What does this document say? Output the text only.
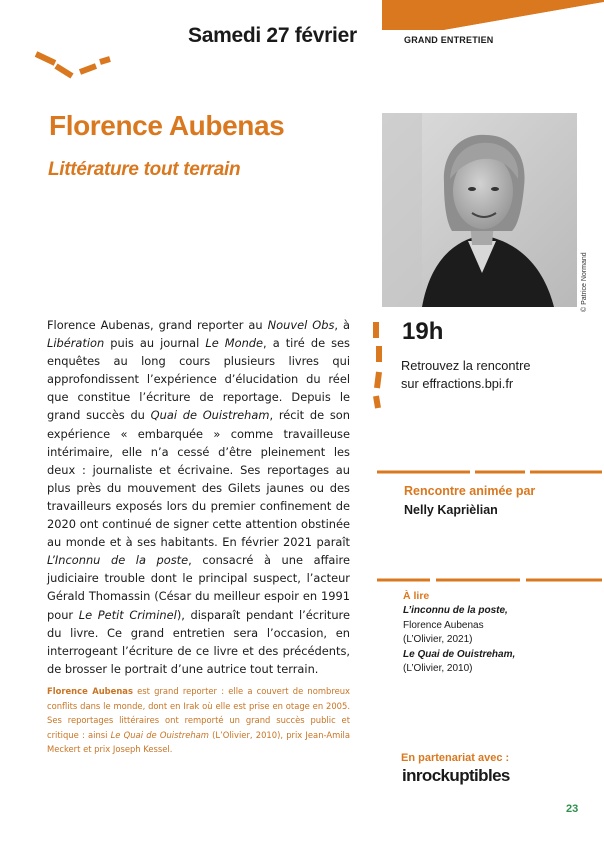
Samedi 27 février	GRAND ENTRETIEN
Florence Aubenas
Littérature tout terrain
© Patrice Normand
Florence Aubenas, grand reporter au Nouvel Obs, à Libération puis au journal Le Monde, a tiré de ses enquêtes au long cours plusieurs livres qui approfondissent l’expérience d’élucidation du réel que constitue l’écriture de reportage. Depuis le grand succès du Quai de Ouistreham, récit de son expérience « embarquée » comme travailleuse intérimaire, elle n’a cessé d’être pleinement les deux : journaliste et écrivaine. Ses reportages au plus près du mouvement des Gilets jaunes ou des travailleurs exposés lors du premier confinement de 2020 ont continué de signer cette attention obstinée au monde et à ses habitants. En février 2021 paraît L’Inconnu de la poste, consacré à une affaire judiciaire trouble dont le principal suspect, l’acteur Gérald Thomassin (César du meilleur espoir en 1991 pour Le Petit Criminel), disparaît pendant l’écriture du livre. Ce grand entretien sera l’occasion, en interrogeant l’écriture de ce livre et des précédents, de brosser le portrait d’une autrice tout terrain.
Florence Aubenas est grand reporter : elle a couvert de nombreux conflits dans le monde, dont en Irak où elle est prise en otage en 2005. Ses reportages littéraires ont remporté un grand succès public et critique : ainsi Le Quai de Ouistreham (L’Olivier, 2010), prix Jean-Amila Meckert et prix Joseph Kessel.
19h
Retrouvez la rencontre
sur effractions.bpi.fr
Rencontre animée par
Nelly Kaprièlian
À lire
L’inconnu de la poste,
Florence Aubenas
(L’Olivier, 2021)
Le Quai de Ouistreham,
(L’Olivier, 2010)
En partenariat avec :
inrockuptibles
23
